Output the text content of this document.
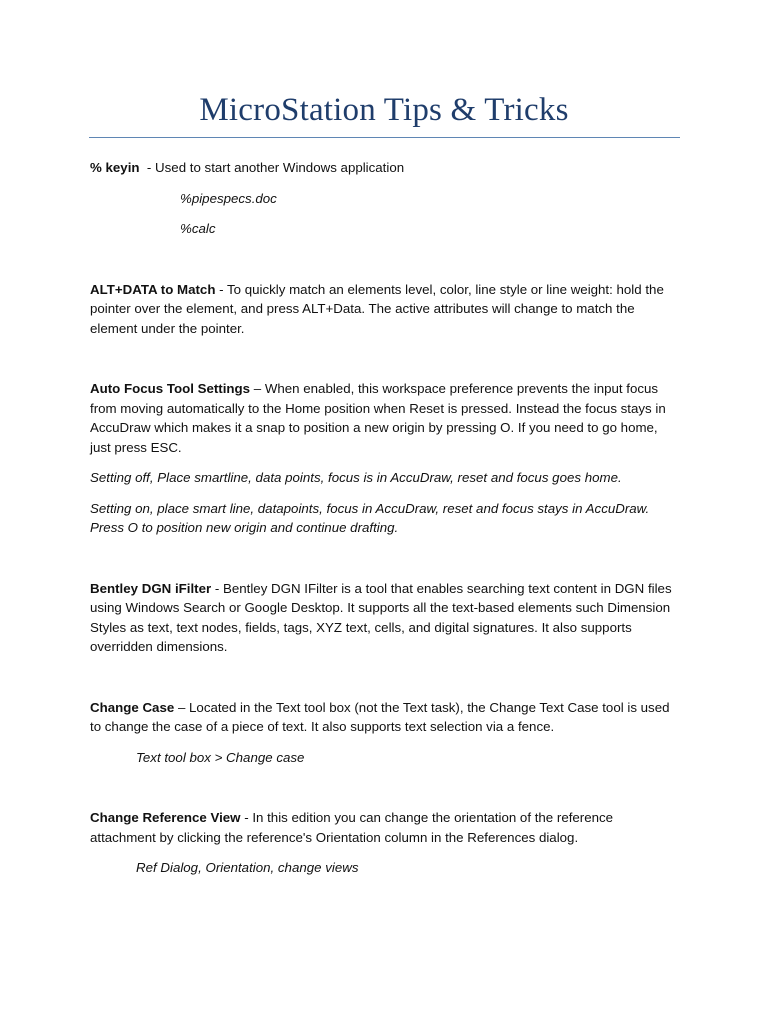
MicroStation Tips & Tricks

% keyin  - Used to start another Windows application

%pipespecs.doc

%calc

ALT+DATA to Match - To quickly match an elements level, color, line style or line weight: hold the pointer over the element, and press ALT+Data. The active attributes will change to match the element under the pointer.

Auto Focus Tool Settings – When enabled, this workspace preference prevents the input focus from moving automatically to the Home position when Reset is pressed. Instead the focus stays in AccuDraw which makes it a snap to position a new origin by pressing O. If you need to go home, just press ESC.

Setting off, Place smartline, data points, focus is in AccuDraw, reset and focus goes home.

Setting on, place smart line, datapoints, focus in AccuDraw, reset and focus stays in AccuDraw. Press O to position new origin and continue drafting.

Bentley DGN iFilter - Bentley DGN IFilter is a tool that enables searching text content in DGN files using Windows Search or Google Desktop. It supports all the text-based elements such Dimension Styles as text, text nodes, fields, tags, XYZ text, cells, and digital signatures. It also supports overridden dimensions.

Change Case – Located in the Text tool box (not the Text task), the Change Text Case tool is used to change the case of a piece of text. It also supports text selection via a fence.

Text tool box > Change case

Change Reference View - In this edition you can change the orientation of the reference attachment by clicking the reference's Orientation column in the References dialog.

Ref Dialog, Orientation, change views
